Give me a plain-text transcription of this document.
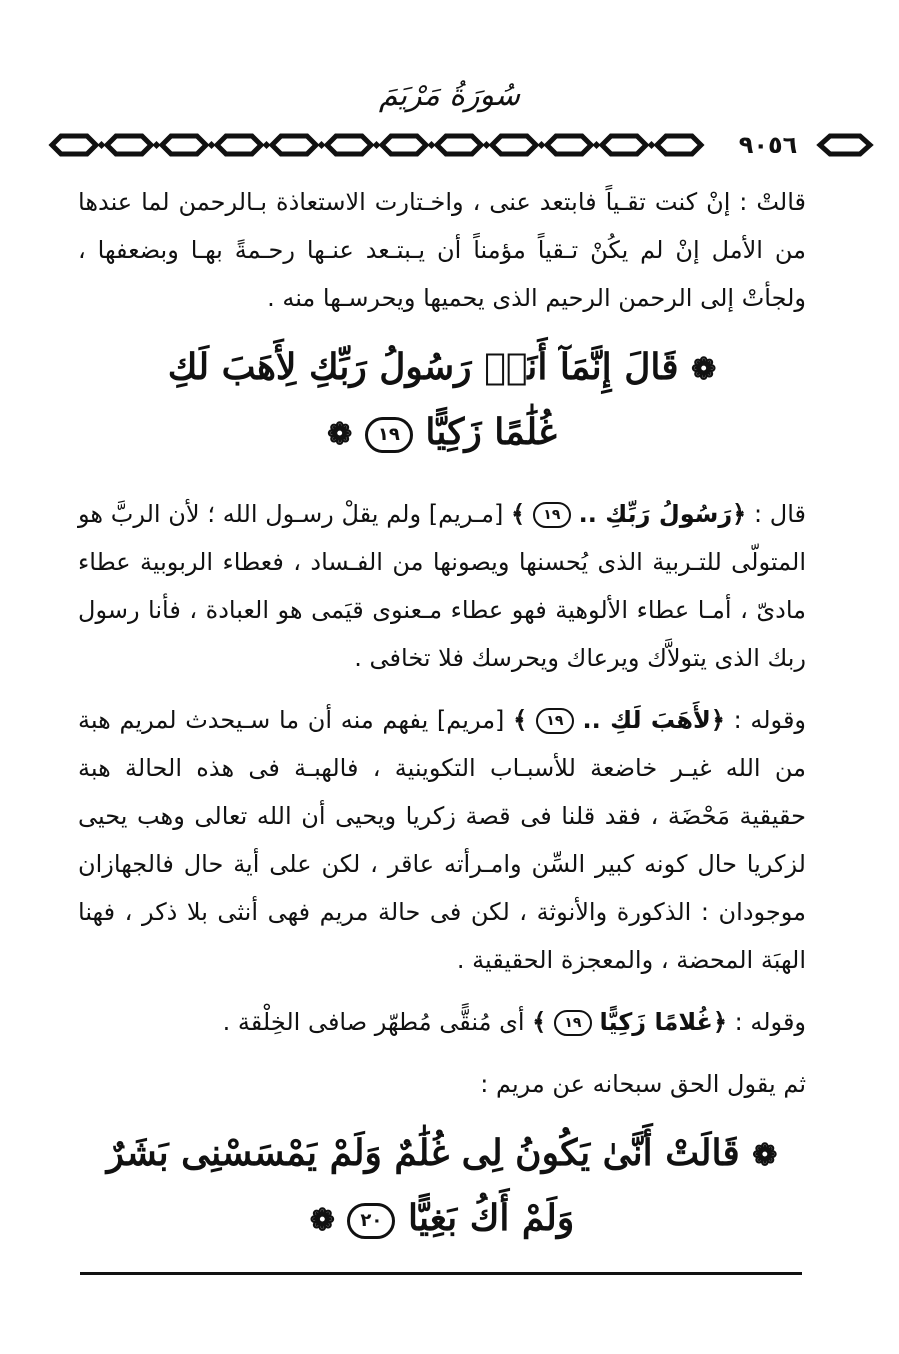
سُورَةُ مَرْيَمَ
٩٠٥٦

قالتْ : إنْ كنت تقـياً فابتعد عنى ، واخـتارت الاستعاذة بـالرحمن لما عندها من الأمل إنْ لم يكُنْ تـقياً مؤمناً أن يـبتـعد عنـها رحـمةً بهـا وبضعفها ، ولجأتْ إلى الرحمن الرحيم الذى يحميها ويحرسـها منه .

❁ قَالَ إِنَّمَآ أَنَا۠ رَسُولُ رَبِّكِ لِأَهَبَ لَكِ
غُلَٰمًا زَكِيًّا ١٩ ❁

قال : ﴿رَسُولُ رَبِّكِ .. ١٩ ﴾ [مـريم] ولم يقلْ رسـول الله ؛ لأن الربَّ هو المتولّى للتـربية الذى يُحسنها ويصونها من الفـساد ، فعطاء الربوبية عطاء مادىّ ، أمـا عطاء الألوهية فهو عطاء مـعنوى قيَمى هو العبادة ، فأنا رسول ربك الذى يتولاَّك ويرعاك ويحرسك فلا تخافى .

وقوله : ﴿لأَهَبَ لَكِ .. ١٩ ﴾ [مريم] يفهم منه أن ما سـيحدث لمريم هبة من الله غيـر خاضعة للأسبـاب التكوينية ، فالهبـة فى هذه الحالة هبة حقيقية مَحْضَة ، فقد قلنا فى قصة زكريا ويحيى أن الله تعالى وهب يحيى لزكريا حال كونه كبير السِّن وامـرأته عاقر ، لكن على أية حال فالجهازان موجودان : الذكورة والأنوثة ، لكن فى حالة مريم فهى أنثى بلا ذكر ، فهنا الهبَة المحضة ، والمعجزة الحقيقية .

وقوله : ﴿غُلامًا زَكِيًّا ١٩ ﴾ أى مُنقًّى مُطهّر صافى الخِلْقة .

ثم يقول الحق سبحانه عن مريم :

❁ قَالَتْ أَنَّىٰ يَكُونُ لِى غُلَٰمٌ وَلَمْ يَمْسَسْنِى بَشَرٌ
وَلَمْ أَكُ بَغِيًّا ٢٠ ❁
